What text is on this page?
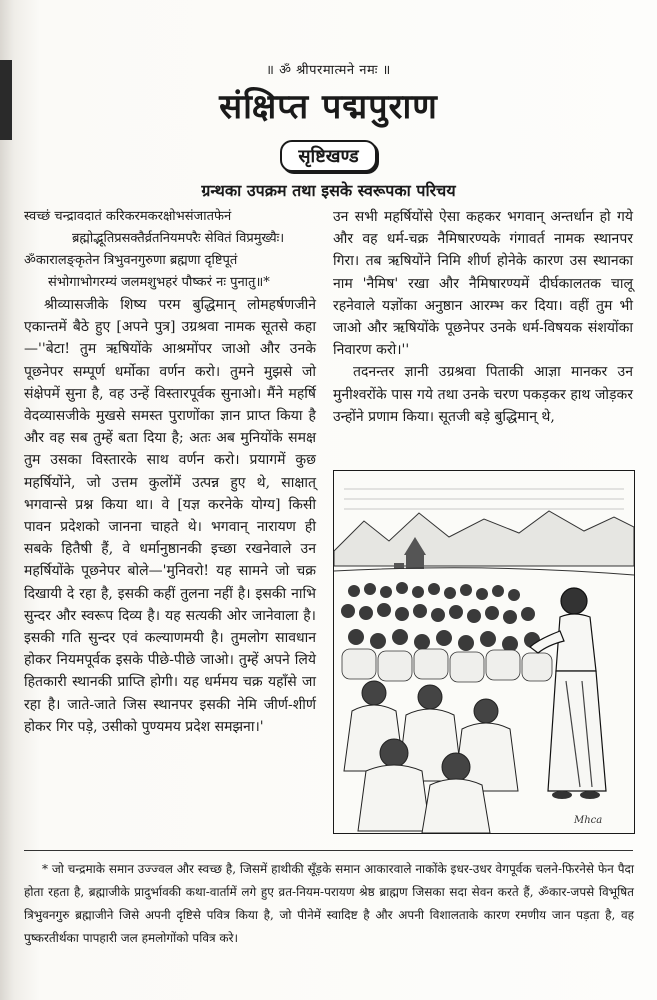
॥ ॐ श्रीपरमात्मने नमः ॥
संक्षिप्त पद्मपुराण
सृष्टिखण्ड
ग्रन्थका उपक्रम तथा इसके स्वरूपका परिचय
स्वच्छं चन्द्रावदातं करिकरमकरक्षोभसंजातफेनं
ब्रह्मोद्भूतिप्रसक्तैर्व्रतनियमपरैः सेवितं विप्रमुख्यैः।
ॐकारालङ्कृतेन त्रिभुवनगुरुणा ब्रह्मणा दृष्टिपूतं
संभोगाभोगरम्यं जलमशुभहरं पौष्करं नः पुनातु॥*

श्रीव्यासजीके शिष्य परम बुद्धिमान् लोमहर्षणजीने एकान्तमें बैठे हुए [अपने पुत्र] उग्रश्रवा नामक सूतसे कहा—''बेटा! तुम ऋषियोंके आश्रमोंपर जाओ और उनके पूछनेपर सम्पूर्ण धर्मोका वर्णन करो। तुमने मुझसे जो संक्षेपमें सुना है, वह उन्हें विस्तारपूर्वक सुनाओ। मैंने महर्षि वेदव्यासजीके मुखसे समस्त पुराणोंका ज्ञान प्राप्त किया है और वह सब तुम्हें बता दिया है; अतः अब मुनियोंके समक्ष तुम उसका विस्तारके साथ वर्णन करो। प्रयागमें कुछ महर्षियोंने, जो उत्तम कुलोंमें उत्पन्न हुए थे, साक्षात् भगवान्से प्रश्न किया था। वे [यज्ञ करनेके योग्य] किसी पावन प्रदेशको जानना चाहते थे। भगवान् नारायण ही सबके हितैषी हैं, वे धर्मानुष्ठानकी इच्छा रखनेवाले उन महर्षियोंके पूछनेपर बोले—'मुनिवरो! यह सामने जो चक्र दिखायी दे रहा है, इसकी कहीं तुलना नहीं है। इसकी नाभि सुन्दर और स्वरूप दिव्य है। यह सत्यकी ओर जानेवाला है। इसकी गति सुन्दर एवं कल्याणमयी है। तुमलोग सावधान होकर नियमपूर्वक इसके पीछे-पीछे जाओ। तुम्हें अपने लिये हितकारी स्थानकी प्राप्ति होगी। यह धर्ममय चक्र यहाँसे जा रहा है। जाते-जाते जिस स्थानपर इसकी नेमि जीर्ण-शीर्ण होकर गिर पड़े, उसीको पुण्यमय प्रदेश समझना।'

उन सभी महर्षियोंसे ऐसा कहकर भगवान् अन्तर्धान हो गये और वह धर्म-चक्र नैमिषारण्यके गंगावर्त नामक स्थानपर गिरा। तब ऋषियोंने निमि शीर्ण होनेके कारण उस स्थानका नाम 'नैमिष' रखा और नैमिषारण्यमें दीर्घकालतक चालू रहनेवाले यज्ञोंका अनुष्ठान आरम्भ कर दिया। वहीं तुम भी जाओ और ऋषियोंके पूछनेपर उनके धर्म-विषयक संशयोंका निवारण करो।''

तदनन्तर ज्ञानी उग्रश्रवा पिताकी आज्ञा मानकर उन मुनीश्वरोंके पास गये तथा उनके चरण पकड़कर हाथ जोड़कर उन्होंने प्रणाम किया। सूतजी बड़े बुद्धिमान् थे,

Mhca
* जो चन्द्रमाके समान उज्ज्वल और स्वच्छ है, जिसमें हाथीकी सूँड़के समान आकारवाले नाकोंके इधर-उधर वेगपूर्वक चलने-फिरनेसे फेन पैदा होता रहता है, ब्रह्माजीके प्रादुर्भावकी कथा-वार्तामें लगे हुए व्रत-नियम-परायण श्रेष्ठ ब्राह्मण जिसका सदा सेवन करते हैं, ॐकार-जपसे विभूषित त्रिभुवनगुरु ब्रह्माजीने जिसे अपनी दृष्टिसे पवित्र किया है, जो पीनेमें स्वादिष्ट है और अपनी विशालताके कारण रमणीय जान पड़ता है, वह पुष्करतीर्थका पापहारी जल हमलोगोंको पवित्र करे।
